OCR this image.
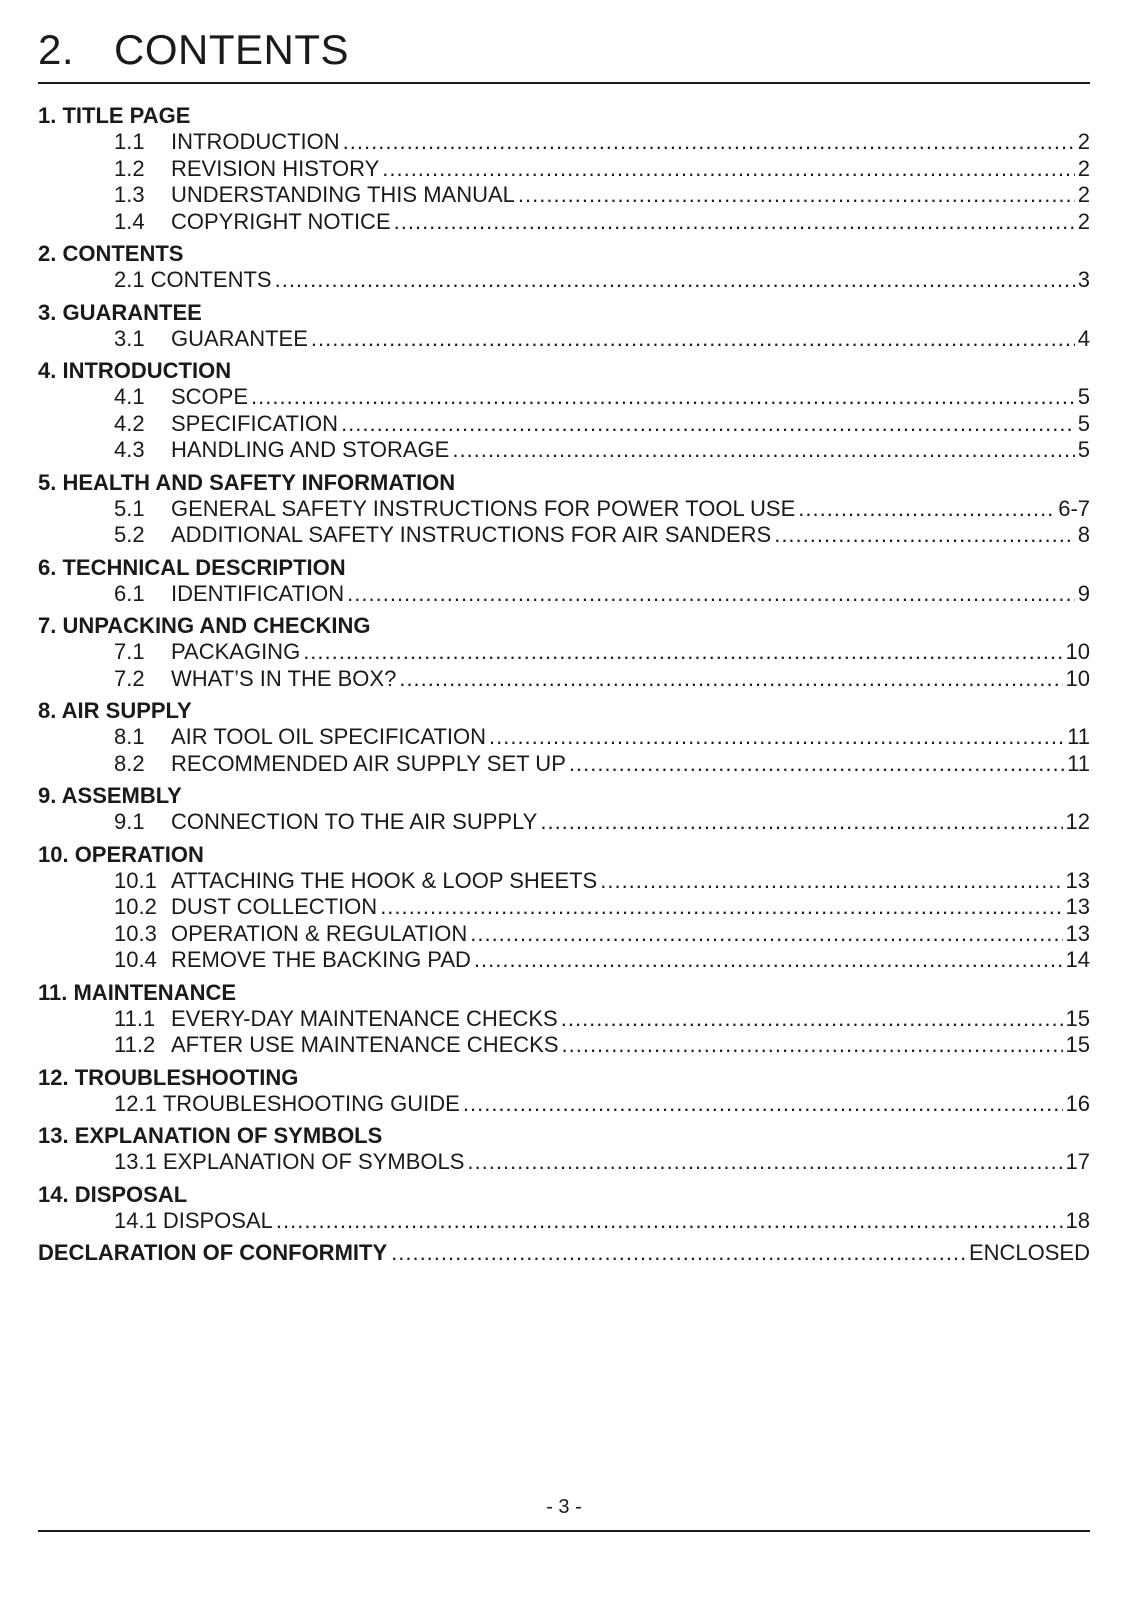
2. CONTENTS
1. TITLE PAGE
1.1	INTRODUCTION .....	2
1.2	REVISION HISTORY .....	2
1.3	UNDERSTANDING THIS MANUAL .....	2
1.4	COPYRIGHT NOTICE .....	2
2. CONTENTS
2.1 CONTENTS .....	3
3. GUARANTEE
3.1	GUARANTEE .....	4
4. INTRODUCTION
4.1	SCOPE .....	5
4.2	SPECIFICATION .....	5
4.3	HANDLING AND STORAGE .....	5
5. HEALTH AND SAFETY INFORMATION
5.1	GENERAL SAFETY INSTRUCTIONS FOR POWER TOOL USE .....	6-7
5.2	ADDITIONAL SAFETY INSTRUCTIONS FOR AIR SANDERS .....	8
6. TECHNICAL DESCRIPTION
6.1	IDENTIFICATION .....	9
7. UNPACKING AND CHECKING
7.1	PACKAGING .....	10
7.2	WHAT’S IN THE BOX? .....	10
8. AIR SUPPLY
8.1	AIR TOOL OIL SPECIFICATION .....	11
8.2	RECOMMENDED AIR SUPPLY SET UP .....	11
9. ASSEMBLY
9.1	CONNECTION TO THE AIR SUPPLY .....	12
10. OPERATION
10.1 ATTACHING THE HOOK & LOOP SHEETS .....	13
10.2 DUST COLLECTION .....	13
10.3 OPERATION & REGULATION .....	13
10.4 REMOVE THE BACKING PAD .....	14
11. MAINTENANCE
11.1 EVERY-DAY MAINTENANCE CHECKS .....	15
11.2 AFTER USE MAINTENANCE CHECKS .....	15
12. TROUBLESHOOTING
12.1 TROUBLESHOOTING GUIDE .....	16
13. EXPLANATION OF SYMBOLS
13.1 EXPLANATION OF SYMBOLS .....	17
14. DISPOSAL
14.1 DISPOSAL .....	18
DECLARATION OF CONFORMITY .....	ENCLOSED
- 3 -
